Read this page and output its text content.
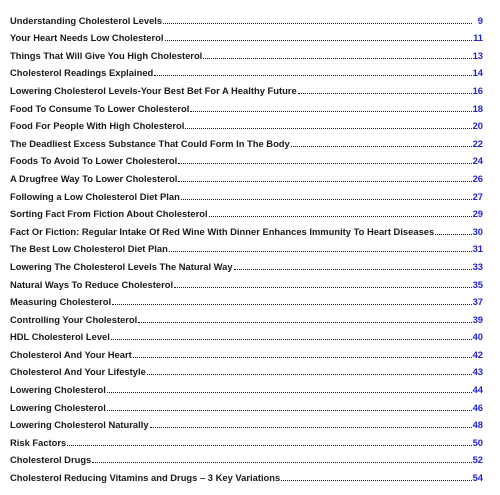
Understanding Cholesterol Levels	9
Your Heart Needs Low Cholesterol	11
Things That Will Give You High Cholesterol	13
Cholesterol Readings Explained	14
Lowering Cholesterol Levels-Your Best Bet For A Healthy Future	16
Food To Consume To Lower Cholesterol	18
Food For People With High Cholesterol	20
The Deadliest Excess Substance That Could Form In The Body	22
Foods To Avoid To Lower Cholesterol	24
A Drugfree Way To Lower Cholesterol	26
Following a Low Cholesterol Diet Plan	27
Sorting Fact From Fiction About Cholesterol	29
Fact Or Fiction: Regular Intake Of Red Wine With Dinner Enhances Immunity To Heart Diseases	30
The Best Low Cholesterol Diet Plan	31
Lowering The Cholesterol Levels The Natural Way	33
Natural Ways To Reduce Cholesterol	35
Measuring Cholesterol	37
Controlling Your Cholesterol	39
HDL Cholesterol Level	40
Cholesterol And Your Heart	42
Cholesterol And Your Lifestyle	43
Lowering Cholesterol	44
Lowering Cholesterol	46
Lowering Cholesterol Naturally	48
Risk Factors	50
Cholesterol Drugs	52
Cholesterol Reducing Vitamins and Drugs – 3 Key Variations	54
